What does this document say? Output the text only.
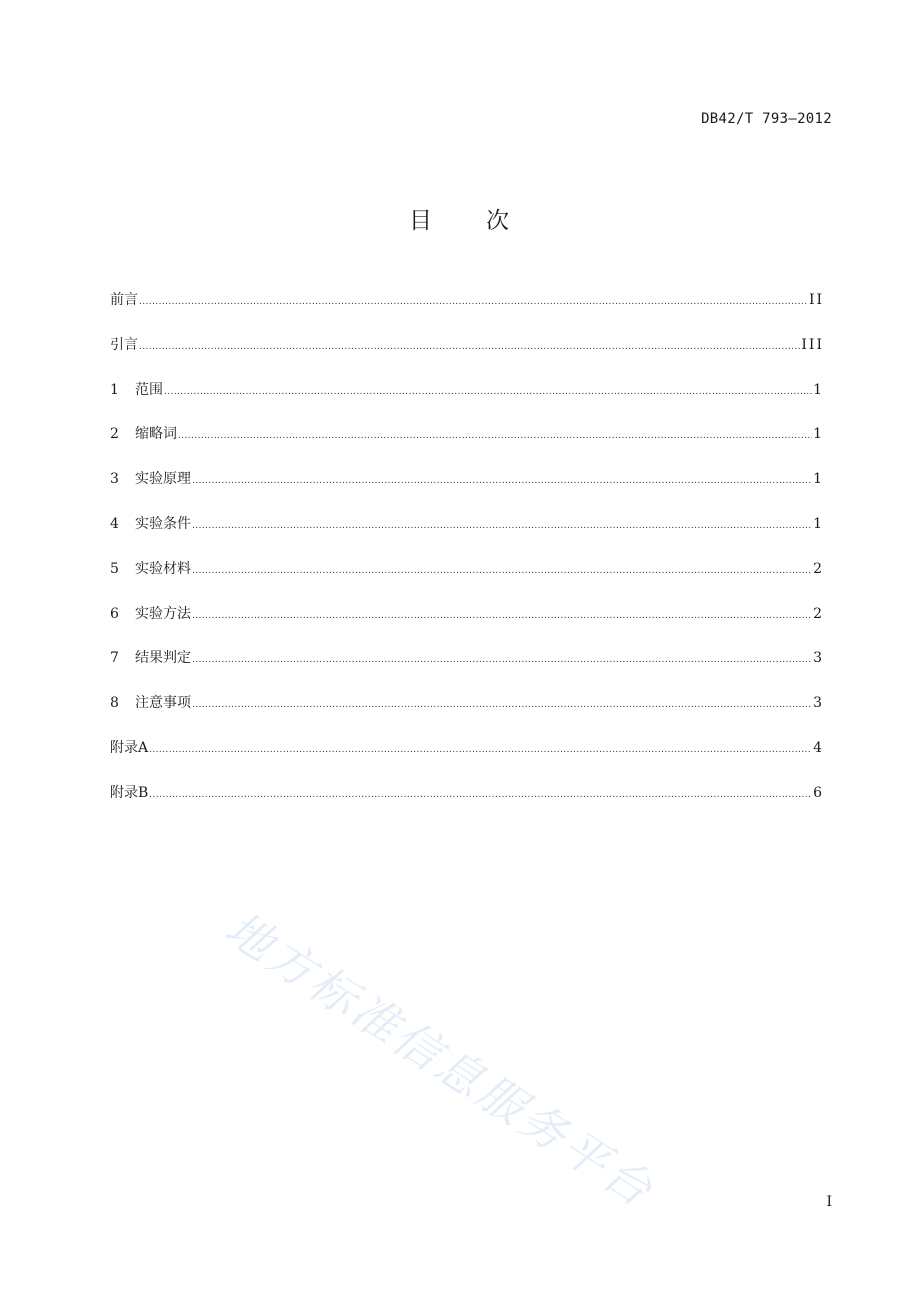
DB42/T 793—2012
目 次
前言 .....	II
引言 .....	III
1	范围 .....	1
2	缩略词 .....	1
3	实验原理 .....	1
4	实验条件 .....	1
5	实验材料 .....	2
6	实验方法 .....	2
7	结果判定 .....	3
8	注意事项 .....	3
附录A .....	4
附录B .....	6
地方标准信息服务平台	I
